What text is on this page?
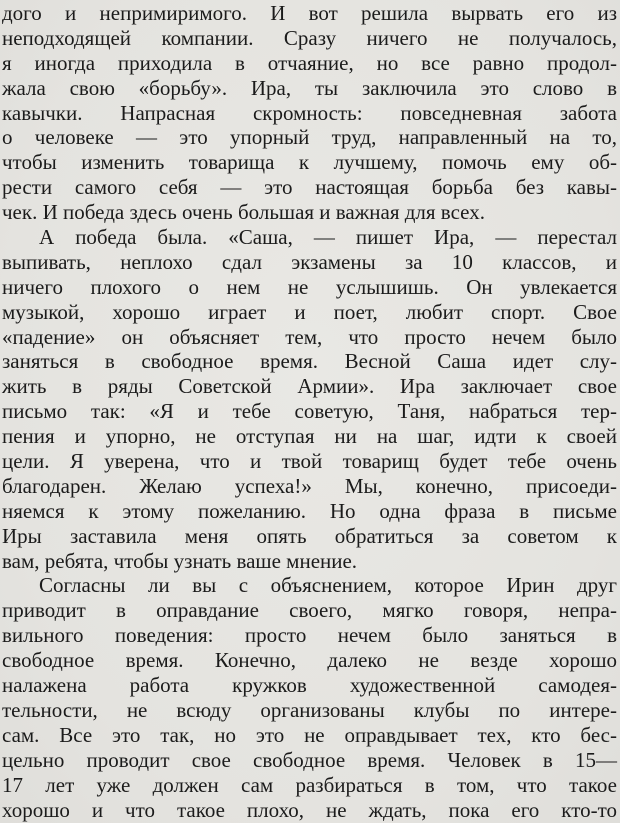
дого и непримиримого. И вот решила вырвать его из
неподходящей компании. Сразу ничего не получалось,
я иногда приходила в отчаяние, но все равно продол-
жала свою «борьбу». Ира, ты заключила это слово в
кавычки. Напрасная скромность: повседневная забота
о человеке — это упорный труд, направленный на то,
чтобы изменить товарища к лучшему, помочь ему об-
рести самого себя — это настоящая борьба без кавы-
чек. И победа здесь очень большая и важная для всех.
А победа была. «Саша, — пишет Ира, — перестал
выпивать, неплохо сдал экзамены за 10 классов, и
ничего плохого о нем не услышишь. Он увлекается
музыкой, хорошо играет и поет, любит спорт. Свое
«падение» он объясняет тем, что просто нечем было
заняться в свободное время. Весной Саша идет слу-
жить в ряды Советской Армии». Ира заключает свое
письмо так: «Я и тебе советую, Таня, набраться тер-
пения и упорно, не отступая ни на шаг, идти к своей
цели. Я уверена, что и твой товарищ будет тебе очень
благодарен. Желаю успеха!» Мы, конечно, присоеди-
няемся к этому пожеланию. Но одна фраза в письме
Иры заставила меня опять обратиться за советом к
вам, ребята, чтобы узнать ваше мнение.
Согласны ли вы с объяснением, которое Ирин друг
приводит в оправдание своего, мягко говоря, непра-
вильного поведения: просто нечем было заняться в
свободное время. Конечно, далеко не везде хорошо
налажена работа кружков художественной самодея-
тельности, не всюду организованы клубы по интере-
сам. Все это так, но это не оправдывает тех, кто бес-
цельно проводит свое свободное время. Человек в 15—
17 лет уже должен сам разбираться в том, что такое
хорошо и что такое плохо, не ждать, пока его кто-то
